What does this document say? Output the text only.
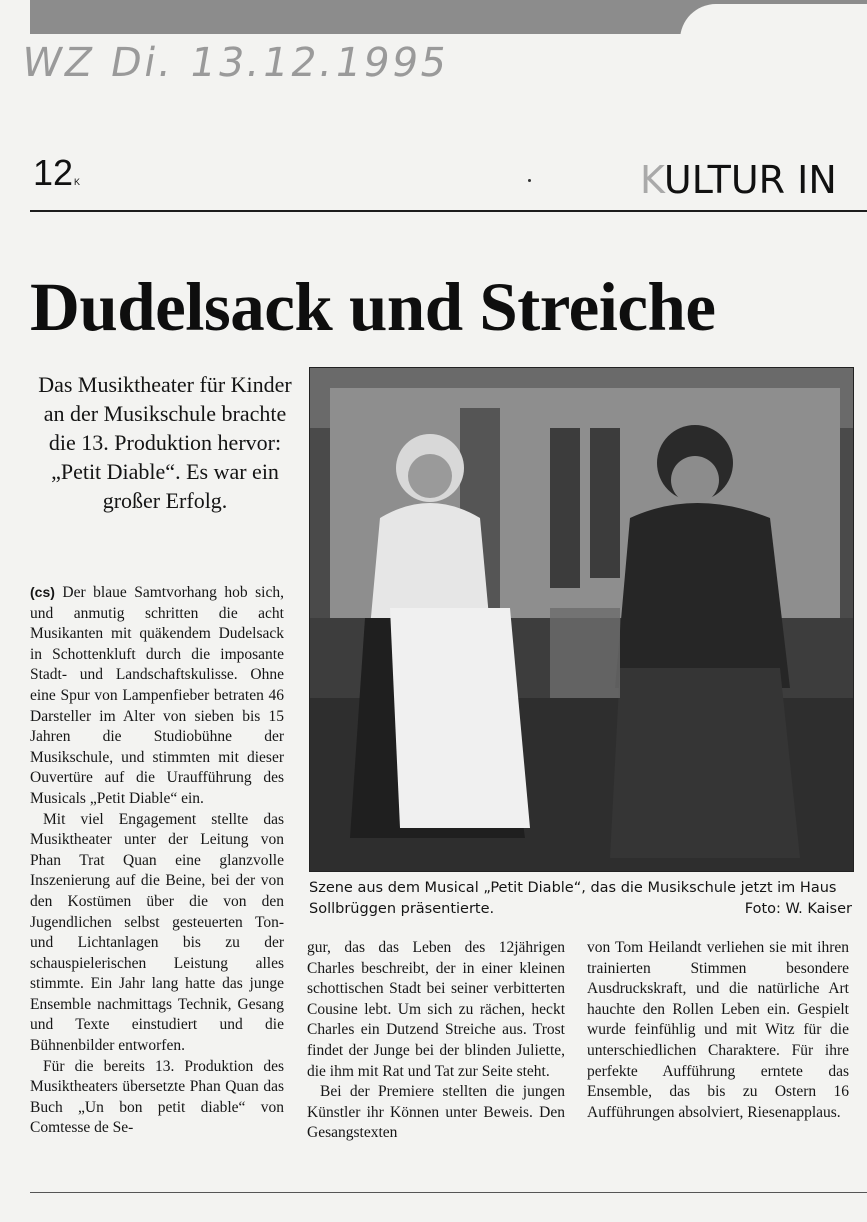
WZ Di. 13.12.1995
12K	KULTUR IN
Dudelsack und Streiche
Das Musiktheater für Kinder an der Musikschule brachte die 13. Produktion hervor: „Petit Diable“. Es war ein großer Erfolg.

(cs) Der blaue Samtvorhang hob sich, und anmutig schritten die acht Musikanten mit quäkendem Dudelsack in Schottenkluft durch die imposante Stadt- und Landschaftskulisse. Ohne eine Spur von Lampenfieber betraten 46 Darsteller im Alter von sieben bis 15 Jahren die Studiobühne der Musikschule, und stimmten mit dieser Ouvertüre auf die Uraufführung des Musicals „Petit Diable“ ein.

Mit viel Engagement stellte das Musiktheater unter der Leitung von Phan Trat Quan eine glanzvolle Inszenierung auf die Beine, bei der von den Kostümen über die von den Jugendlichen selbst gesteuerten Ton- und Lichtanlagen bis zu der schauspielerischen Leistung alles stimmte. Ein Jahr lang hatte das junge Ensemble nachmittags Technik, Gesang und Texte einstudiert und die Bühnenbilder entworfen.

Für die bereits 13. Produktion des Musiktheaters übersetzte Phan Quan das Buch „Un bon petit diable“ von Comtesse de Se-

Szene aus dem Musical „Petit Diable“, das die Musikschule jetzt im Haus Sollbrüggen präsentierte.	Foto: W. Kaiser

gur, das das Leben des 12jährigen Charles beschreibt, der in einer kleinen schottischen Stadt bei seiner verbitterten Cousine lebt. Um sich zu rächen, heckt Charles ein Dutzend Streiche aus. Trost findet der Junge bei der blinden Juliette, die ihm mit Rat und Tat zur Seite steht.

Bei der Premiere stellten die jungen Künstler ihr Können unter Beweis. Den Gesangstexten

von Tom Heilandt verliehen sie mit ihren trainierten Stimmen besondere Ausdruckskraft, und die natürliche Art hauchte den Rollen Leben ein. Gespielt wurde feinfühlig und mit Witz für die unterschiedlichen Charaktere. Für ihre perfekte Aufführung erntete das Ensemble, das bis zu Ostern 16 Aufführungen absolviert, Riesenapplaus.
